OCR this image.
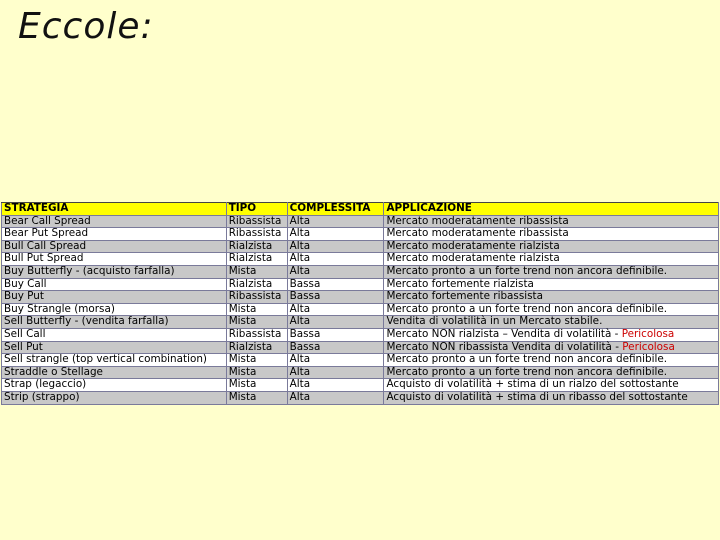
Eccole:
STRATEGIA	TIPO	COMPLESSITA	APPLICAZIONE
Bear Call Spread	Ribassista	Alta	Mercato moderatamente ribassista
Bear Put Spread	Ribassista	Alta	Mercato moderatamente ribassista
Bull Call Spread	Rialzista	Alta	Mercato moderatamente rialzista
Bull Put Spread	Rialzista	Alta	Mercato moderatamente rialzista
Buy Butterfly - (acquisto farfalla)	Mista	Alta	Mercato pronto a un forte trend non ancora definibile.
Buy Call	Rialzista	Bassa	Mercato fortemente rialzista
Buy Put	Ribassista	Bassa	Mercato fortemente ribassista
Buy Strangle (morsa)	Mista	Alta	Mercato pronto a un forte trend non ancora definibile.
Sell Butterfly - (vendita farfalla)	Mista	Alta	Vendita di volatilità in un Mercato stabile.
Sell Call	Ribassista	Bassa	Mercato NON rialzista – Vendita di volatilità - Pericolosa
Sell Put	Rialzista	Bassa	Mercato NON ribassista Vendita di volatilità - Pericolosa
Sell strangle (top vertical combination)	Mista	Alta	Mercato pronto a un forte trend non ancora definibile.
Straddle o Stellage	Mista	Alta	Mercato pronto a un forte trend non ancora definibile.
Strap (legaccio)	Mista	Alta	Acquisto di volatilità + stima di un rialzo del sottostante
Strip (strappo)	Mista	Alta	Acquisto di volatilità + stima di un ribasso del sottostante
